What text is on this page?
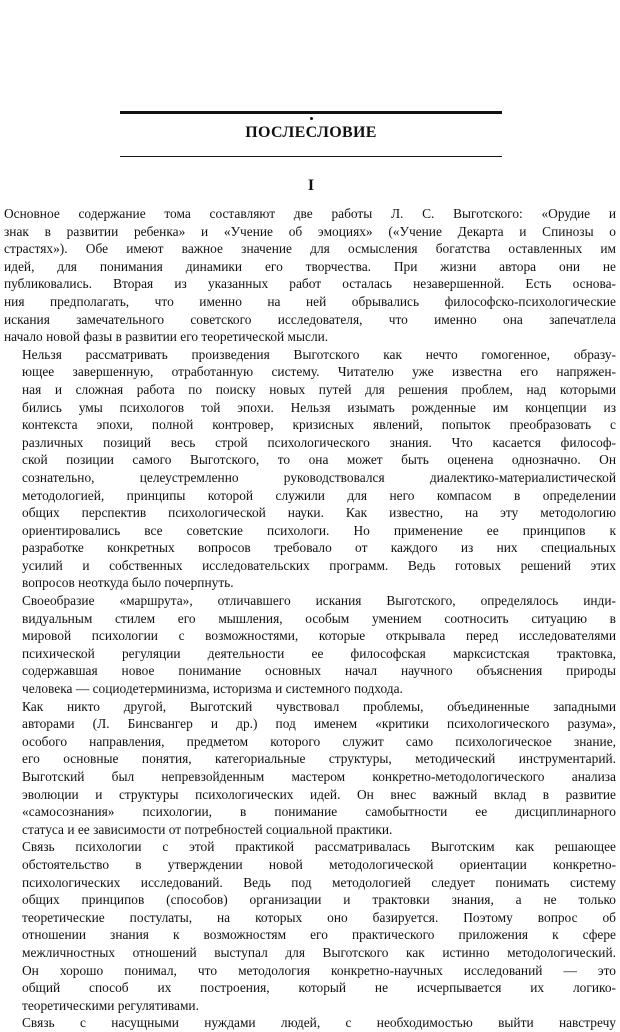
ПОСЛЕСЛОВИЕ
I

Основное содержание тома составляют две работы Л. С. Выготского: «Орудие и
знак в развитии ребенка» и «Учение об эмоциях» («Учение Декарта и Спинозы о
страстях»). Обе имеют важное значение для осмысления богатства оставленных им
идей, для понимания динамики его творчества. При жизни автора они не
публиковались. Вторая из указанных работ осталась незавершенной. Есть основа-
ния предполагать, что именно на ней обрывались философско-психологические
искания замечательного советского исследователя, что именно она запечатлела
начало новой фазы в развитии его теоретической мысли.

Нельзя рассматривать произведения Выготского как нечто гомогенное, образу-
ющее завершенную, отработанную систему. Читателю уже известна его напряжен-
ная и сложная работа по поиску новых путей для решения проблем, над которыми
бились умы психологов той эпохи. Нельзя изымать рожденные им концепции из
контекста эпохи, полной контровер, кризисных явлений, попыток преобразовать с
различных позиций весь строй психологического знания. Что касается философ-
ской позиции самого Выготского, то она может быть оценена однозначно. Он
сознательно, целеустремленно руководствовался диалектико-материалистической
методологией, принципы которой служили для него компасом в определении
общих перспектив психологической науки. Как известно, на эту методологию
ориентировались все советские психологи. Но применение ее принципов к
разработке конкретных вопросов требовало от каждого из них специальных
усилий и собственных исследовательских программ. Ведь готовых решений этих
вопросов неоткуда было почерпнуть.

Своеобразие «маршрута», отличавшего искания Выготского, определялось инди-
видуальным стилем его мышления, особым умением соотносить ситуацию в
мировой психологии с возможностями, которые открывала перед исследователями
психической регуляции деятельности ее философская марксистская трактовка,
содержавшая новое понимание основных начал научного объяснения природы
человека — социодетерминизма, историзма и системного подхода.

Как никто другой, Выготский чувствовал проблемы, объединенные западными
авторами (Л. Бинсвангер и др.) под именем «критики психологического разума»,
особого направления, предметом которого служит само психологическое знание,
его основные понятия, категориальные структуры, методический инструментарий.
Выготский был непревзойденным мастером конкретно-методологического анализа
эволюции и структуры психологических идей. Он внес важный вклад в развитие
«самосознания» психологии, в понимание самобытности ее дисциплинарного
статуса и ее зависимости от потребностей социальной практики.

Связь психологии с этой практикой рассматривалась Выготским как решающее
обстоятельство в утверждении новой методологической ориентации конкретно-
психологических исследований. Ведь под методологией следует понимать систему
общих принципов (способов) организации и трактовки знания, а не только
теоретические постулаты, на которых оно базируется. Поэтому вопрос об
отношении знания к возможностям его практического приложения к сфере
межличностных отношений выступал для Выготского как истинно методологический.
Он хорошо понимал, что методология конкретно-научных исследований — это
общий способ их построения, который не исчерпывается их логико-
теоретическими регулятивами.

Связь с насущными нуждами людей, с необходимостью выйти навстречу
